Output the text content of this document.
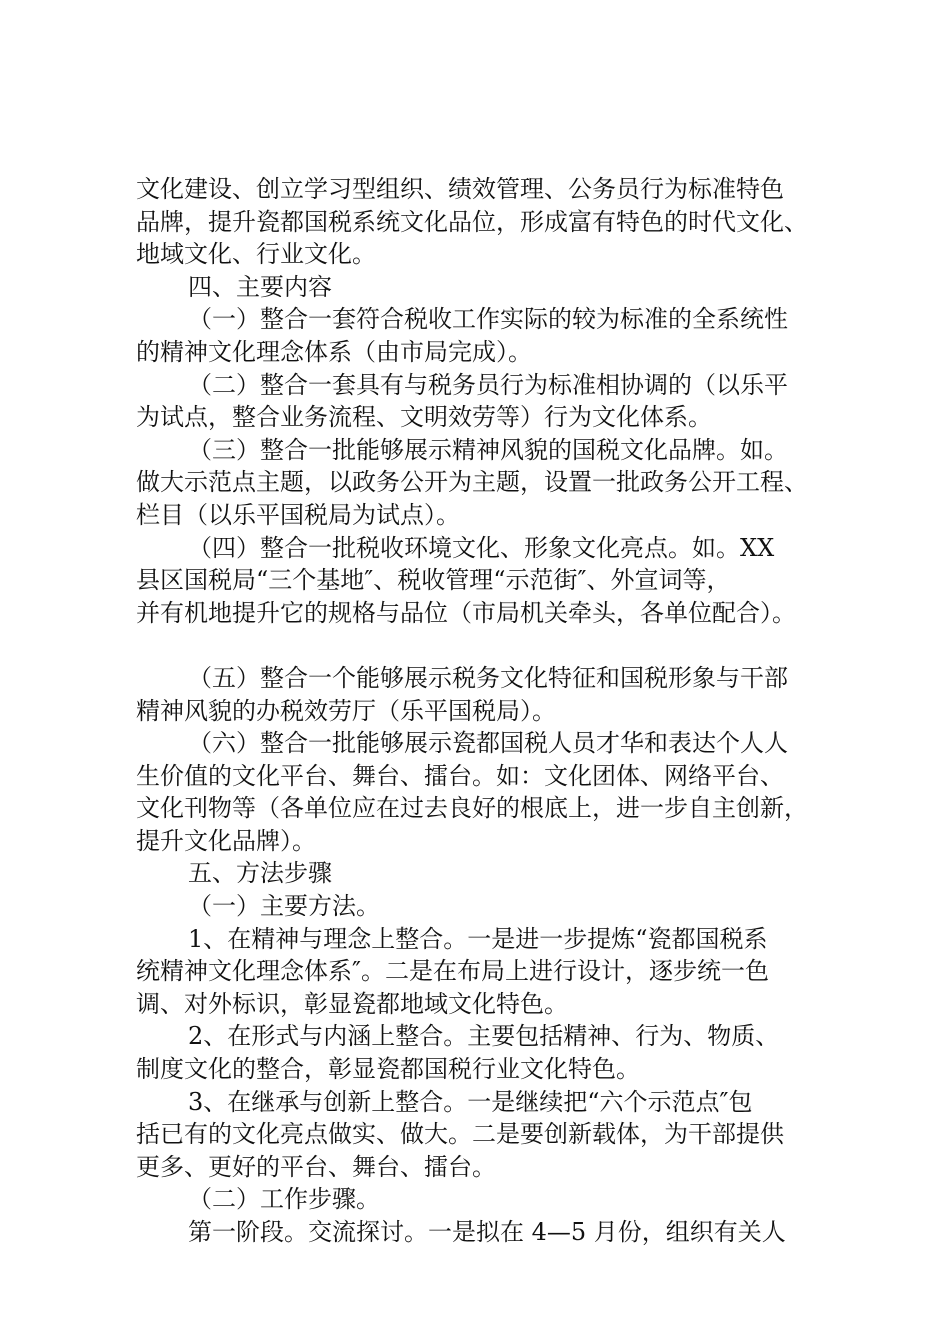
文化建设、创立学习型组织、绩效管理、公务员行为标准特色
品牌，提升瓷都国税系统文化品位，形成富有特色的时代文化、
地域文化、行业文化。
四、主要内容
（一）整合一套符合税收工作实际的较为标准的全系统性
的精神文化理念体系（由市局完成）。
（二）整合一套具有与税务员行为标准相协调的（以乐平
为试点，整合业务流程、文明效劳等）行为文化体系。
（三）整合一批能够展示精神风貌的国税文化品牌。如。
做大示范点主题，以政务公开为主题，设置一批政务公开工程、
栏目（以乐平国税局为试点）。
（四）整合一批税收环境文化、形象文化亮点。如。XX
县区国税局“三个基地″、税收管理“示范街″、外宣词等，
并有机地提升它的规格与品位（市局机关牵头，各单位配合）。
（五）整合一个能够展示税务文化特征和国税形象与干部
精神风貌的办税效劳厅（乐平国税局）。
（六）整合一批能够展示瓷都国税人员才华和表达个人人
生价值的文化平台、舞台、擂台。如：文化团体、网络平台、
文化刊物等（各单位应在过去良好的根底上，进一步自主创新，
提升文化品牌）。
五、方法步骤
（一）主要方法。
1、在精神与理念上整合。一是进一步提炼“瓷都国税系
统精神文化理念体系″。二是在布局上进行设计，逐步统一色
调、对外标识，彰显瓷都地域文化特色。
2、在形式与内涵上整合。主要包括精神、行为、物质、
制度文化的整合，彰显瓷都国税行业文化特色。
3、在继承与创新上整合。一是继续把“六个示范点″包
括已有的文化亮点做实、做大。二是要创新载体，为干部提供
更多、更好的平台、舞台、擂台。
（二）工作步骤。
第一阶段。交流探讨。一是拟在 4—5 月份，组织有关人
